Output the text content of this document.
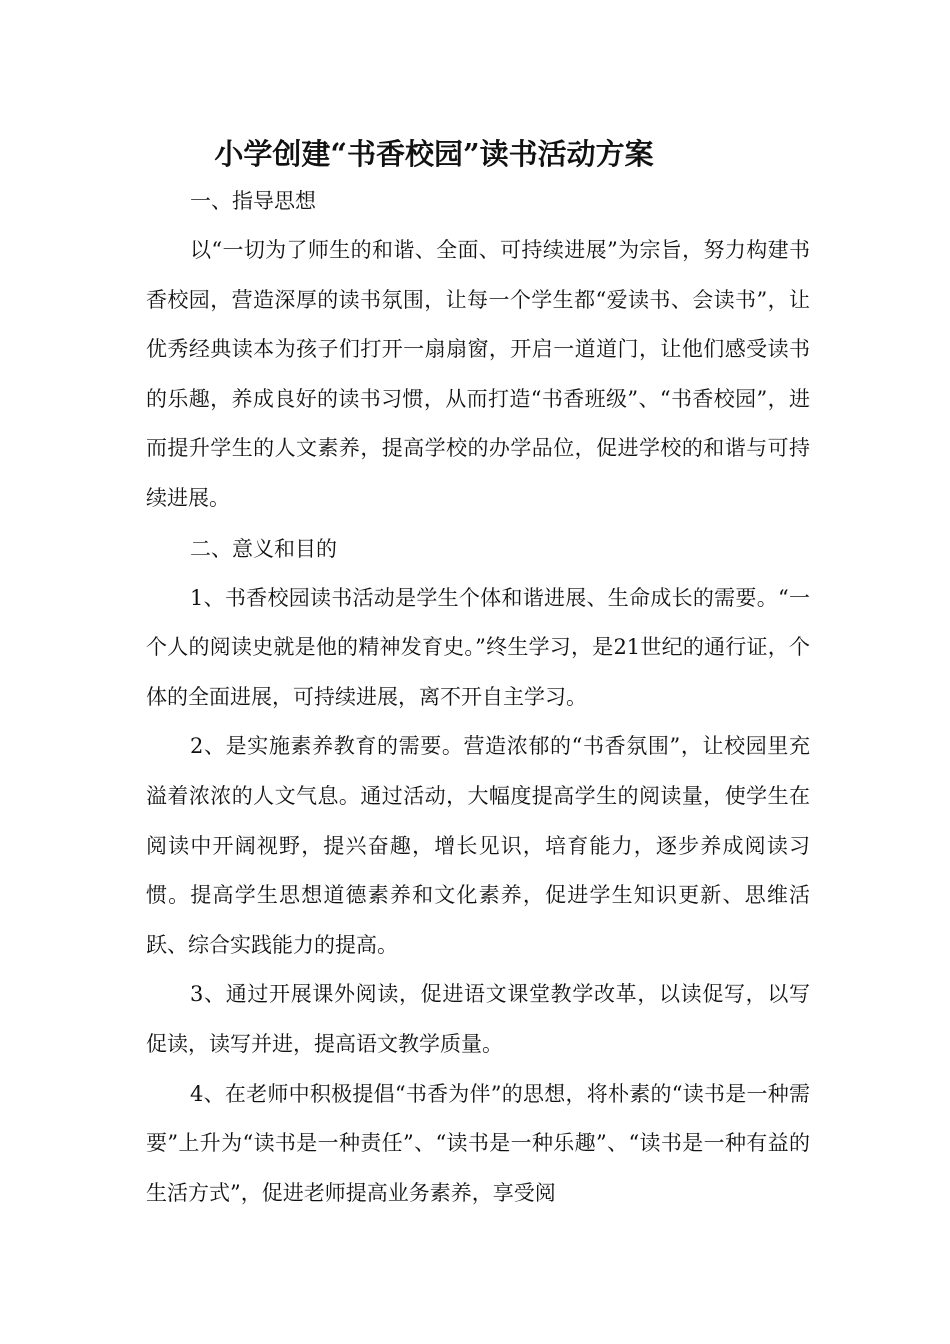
小学创建“书香校园”读书活动方案

一、指导思想

以“一切为了师生的和谐、全面、可持续进展”为宗旨，努力构建书香校园，营造深厚的读书氛围，让每一个学生都“爱读书、会读书”，让优秀经典读本为孩子们打开一扇扇窗，开启一道道门，让他们感受读书的乐趣，养成良好的读书习惯，从而打造“书香班级”、“书香校园”，进而提升学生的人文素养，提高学校的办学品位，促进学校的和谐与可持续进展。

二、意义和目的

1、书香校园读书活动是学生个体和谐进展、生命成长的需要。“一个人的阅读史就是他的精神发育史。”终生学习，是21世纪的通行证，个体的全面进展，可持续进展，离不开自主学习。

2、是实施素养教育的需要。营造浓郁的“书香氛围”，让校园里充溢着浓浓的人文气息。通过活动，大幅度提高学生的阅读量，使学生在阅读中开阔视野，提兴奋趣，增长见识，培育能力，逐步养成阅读习惯。提高学生思想道德素养和文化素养，促进学生知识更新、思维活跃、综合实践能力的提高。

3、通过开展课外阅读，促进语文课堂教学改革，以读促写，以写促读，读写并进，提高语文教学质量。

4、在老师中积极提倡“书香为伴”的思想，将朴素的“读书是一种需要”上升为“读书是一种责任”、“读书是一种乐趣”、“读书是一种有益的生活方式”，促进老师提高业务素养，享受阅
